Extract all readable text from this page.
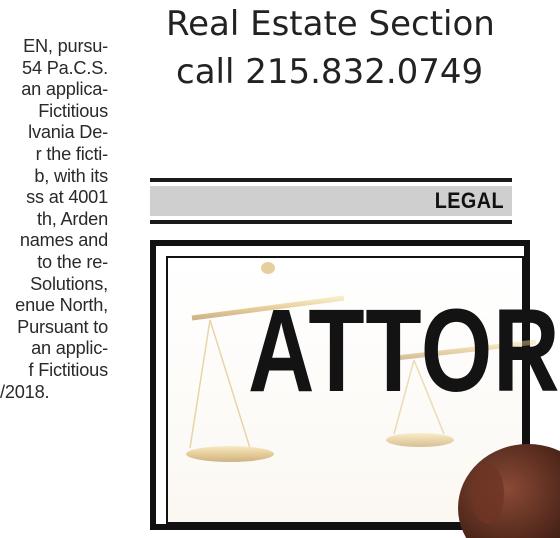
EN, pursu-
54 Pa.C.S.
an applica-
Fictitious
lvania De-
r the ficti-
b, with its
ss at 4001
th, Arden
names and
to the re-
Solutions,
enue North,
Pursuant to
an applic-
f Fictitious
/2018.
Real Estate Section
call 215.832.0749
LEGAL
ATTOR
